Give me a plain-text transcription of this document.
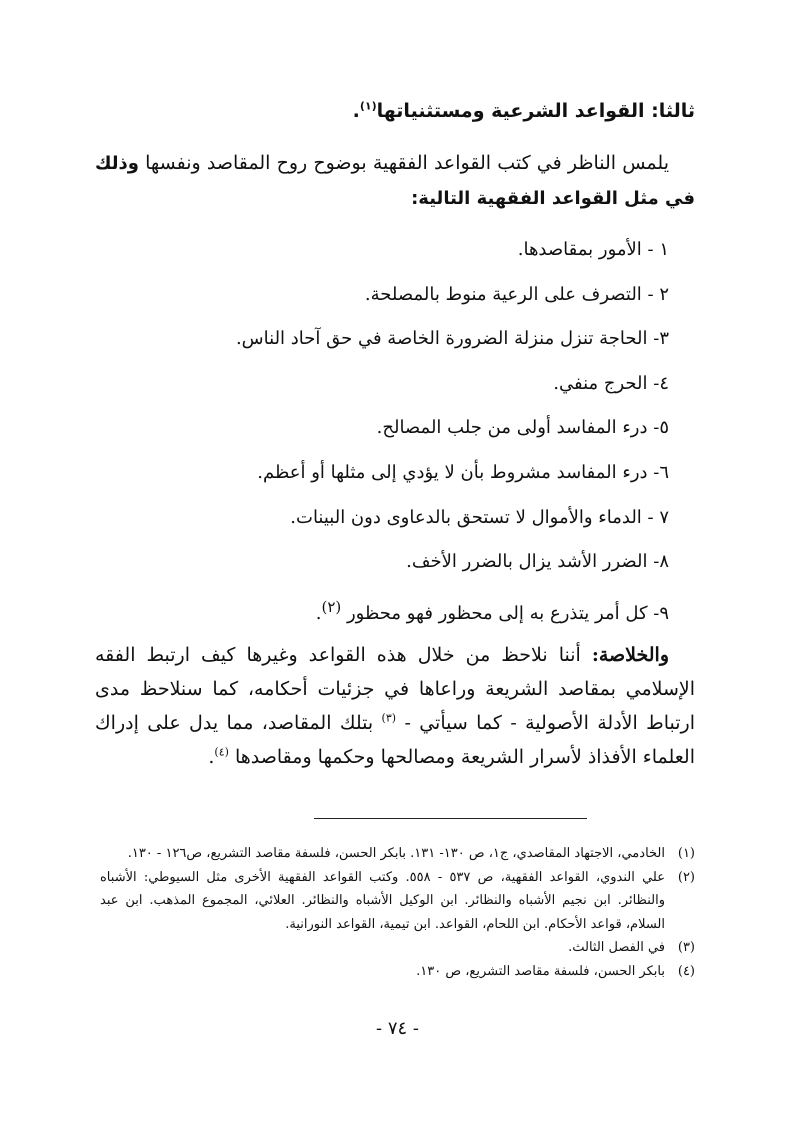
ثالثا: القواعد الشرعية ومستثنياتها$^{(١)}$.

يلمس الناظر في كتب القواعد الفقهية بوضوح روح المقاصد ونفسها وذلك في مثل القواعد الفقهية التالية:

١ - الأمور بمقاصدها.
٢ - التصرف على الرعية منوط بالمصلحة.
٣- الحاجة تنزل منزلة الضرورة الخاصة في حق آحاد الناس.
٤- الحرج منفي.
٥- درء المفاسد أولى من جلب المصالح.
٦- درء المفاسد مشروط بأن لا يؤدي إلى مثلها أو أعظم.
٧ - الدماء والأموال لا تستحق بالدعاوى دون البينات.
٨- الضرر الأشد يزال بالضرر الأخف.
٩- كل أمر يتذرع به إلى محظور فهو محظور $^{(٢)}$.

والخلاصة: أننا نلاحظ من خلال هذه القواعد وغيرها كيف ارتبط الفقه الإسلامي بمقاصد الشريعة وراعاها في جزئيات أحكامه، كما سنلاحظ مدى ارتباط الأدلة الأصولية - كما سيأتي - $^{(٣)}$ بتلك المقاصد، مما يدل على إدراك العلماء الأفذاذ لأسرار الشريعة ومصالحها وحكمها ومقاصدها $^{(٤)}$.

(١)
الخادمي، الاجتهاد المقاصدي، ج١، ص ١٣٠- ١٣١. بابكر الحسن، فلسفة مقاصد التشريع، ص١٢٦ - ١٣٠.
(٢)
علي الندوي، القواعد الفقهية، ص ٥٣٧ - ٥٥٨. وكتب القواعد الفقهية الأخرى مثل السيوطي: الأشباه والنظائر. ابن نجيم الأشباه والنظائر. ابن الوكيل الأشباه والنظائر. العلائي، المجموع المذهب. ابن عبد السلام، قواعد الأحكام. ابن اللحام، القواعد. ابن تيمية، القواعد النورانية.
(٣)
في الفصل الثالث.
(٤)
بابكر الحسن، فلسفة مقاصد التشريع، ص ١٣٠.
- ٧٤ -
